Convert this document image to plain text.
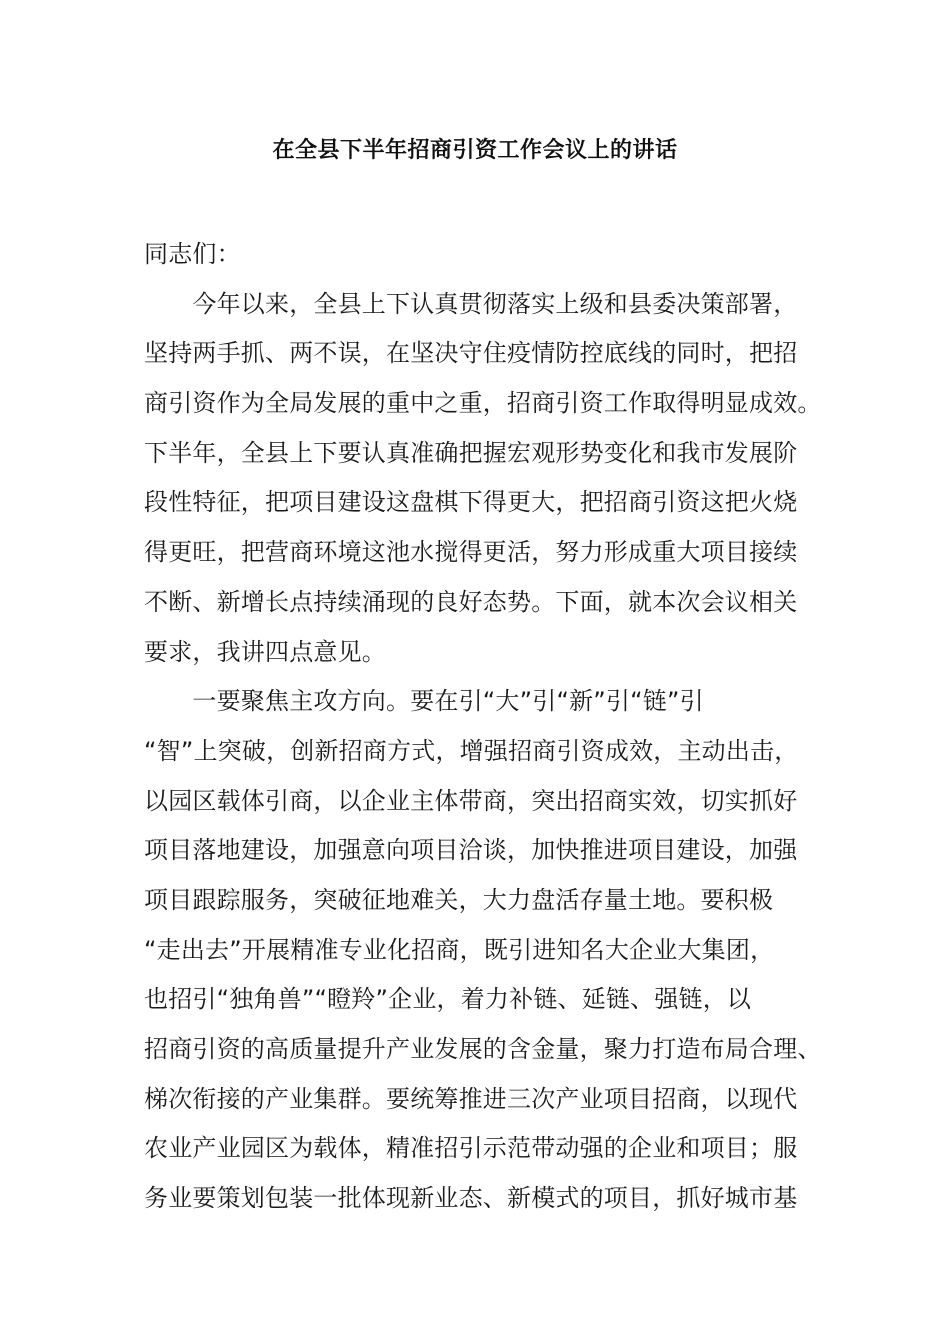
在全县下半年招商引资工作会议上的讲话
同志们：
　　今年以来，全县上下认真贯彻落实上级和县委决策部署，
坚持两手抓、两不误，在坚决守住疫情防控底线的同时，把招
商引资作为全局发展的重中之重，招商引资工作取得明显成效。
下半年，全县上下要认真准确把握宏观形势变化和我市发展阶
段性特征，把项目建设这盘棋下得更大，把招商引资这把火烧
得更旺，把营商环境这池水搅得更活，努力形成重大项目接续
不断、新增长点持续涌现的良好态势。下面，就本次会议相关
要求，我讲四点意见。
　　一要聚焦主攻方向。要在引“大”引“新”引“链”引
“智”上突破，创新招商方式，增强招商引资成效，主动出击，
以园区载体引商，以企业主体带商，突出招商实效，切实抓好
项目落地建设，加强意向项目洽谈，加快推进项目建设，加强
项目跟踪服务，突破征地难关，大力盘活存量土地。要积极
“走出去”开展精准专业化招商，既引进知名大企业大集团，
也招引“独角兽”“瞪羚”企业，着力补链、延链、强链，以
招商引资的高质量提升产业发展的含金量，聚力打造布局合理、
梯次衔接的产业集群。要统筹推进三次产业项目招商，以现代
农业产业园区为载体，精准招引示范带动强的企业和项目；服
务业要策划包装一批体现新业态、新模式的项目，抓好城市基
